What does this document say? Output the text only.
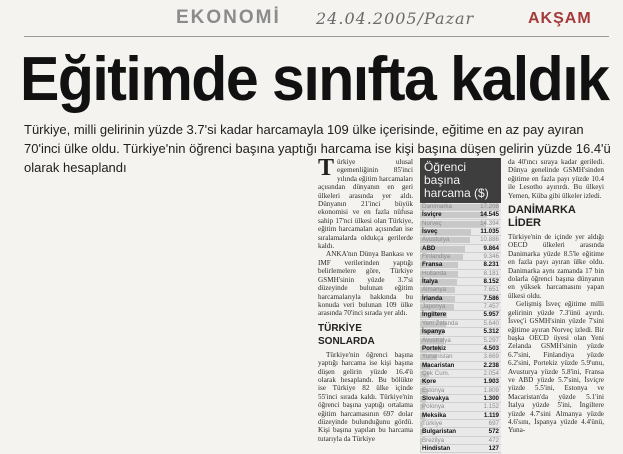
EKONOMİ 24.04.2005/Pazar	AKŞAM
Eğitimde sınıfta kaldık
Türkiye, milli gelirinin yüzde 3.7'si kadar harcamayla 109 ülke içerisinde, eğitime en az pay ayıran 70'inci ülke oldu. Türkiye'nin öğrenci başına yaptığı harcama ise kişi başına düşen gelirin yüzde 16.4'ü olarak hesaplandı	T ürkiye ulusal egemenliğinin 85'inci yılında eğitim harcamaları açısından dünyanın en geri ülkeleri arasında yer aldı. Dünyanın 21'inci büyük ekonomisi ve en fazla nüfusa sahip 17'nci ülkesi olan Türkiye, eğitim harcamaları açısından ise sıralamalarda oldukça gerilerde kaldı.

ANKA'nın Dünya Bankası ve IMF verilerinden yaptığı belirlemelere göre, Türkiye GSMH'sinin yüzde 3.7'si düzeyinde bulunan eğitim harcamalarıyla hakkında bu konuda veri bulunan 109 ülke arasında 70'inci sırada yer aldı.

TÜRKİYE SONLARDA

Türkiye'nin öğrenci başına yaptığı harcama ise kişi başına düşen gelirin yüzde 16.4'ü olarak hesaplandı. Bu bölükte ise Türkiye 82 ülke içinde 55'inci sırada kaldı. Türkiye'nin öğrenci başına yaptığı ortalama eğitim harcamasının 697 dolar düzeyinde bulunduğunu gördü. Kişi başına yapılan bu harcama tutarıyla da Türkiye

Öğrenci başına harcama ($)
Danimarka	17.208
İsviçre	14.545
Norveç	14.394
İsveç	11.035
Avusturya	10.886
ABD	9.864
Finlandiya	9.346
Fransa	8.231
Hollanda	8.181
İtalya	8.152
Almanya	7.651
İrlanda	7.586
Japonya	7.457
İngiltere	5.957
Yeni Zelanda	5.640
İspanya	5.312
Avustralya	5.297
Portekiz	4.503
Yunanistan	3.669
Macaristan	2.238
Çek Cum.	2.054
Kore	1.903
Estonya	1.809
Slovakya	1.300
Polonya	1.152
Meksika	1.119
Türkiye	697
Bulgaristan	572
Brezilya	472
Hindistan	127

da 40'ıncı sıraya kadar geriledi. Dünya genelinde GSMH'sinden eğitime en fazla payı yüzde 10.4 ile Lesotho ayırırdı. Bu ülkeyi Yemen, Küba gibi ülkeler izledi.

DANİMARKA LİDER

Türkiye'nin de içinde yer aldığı OECD ülkeleri arasında Danimarka yüzde 8.5'le eğitime en fazla payı ayıran ülke oldu. Danimarka aynı zamanda 17 bin dolarla öğrenci başına dünyanın en yüksek harcamasını yapan ülkesi oldu.

Gelişmiş İsveç eğitime milli gelirinin yüzde 7.3'ünü ayırdı. İsveç'i GSMH'sinin yüzde 7'sini eğitime ayıran Norveç izledi. Bir başka OECD üyesi olan Yeni Zelanda GSMH'sinin yüzde 6.7'sini, Finlandiya yüzde 6.2'sini, Portekiz yüzde 5.9'unu, Avusturya yüzde 5.8'ini, Fransa ve ABD yüzde 5.7'sini, İsviçre yüzde 5.5'ini, Estonya ve Macaristan'da yüzde 5.1'ini İtalya yüzde 5'ini, İngiltere yüzde 4.7'sini Almanya yüzde 4.6'sını, İspanya yüzde 4.4'ünü, Yuna-
